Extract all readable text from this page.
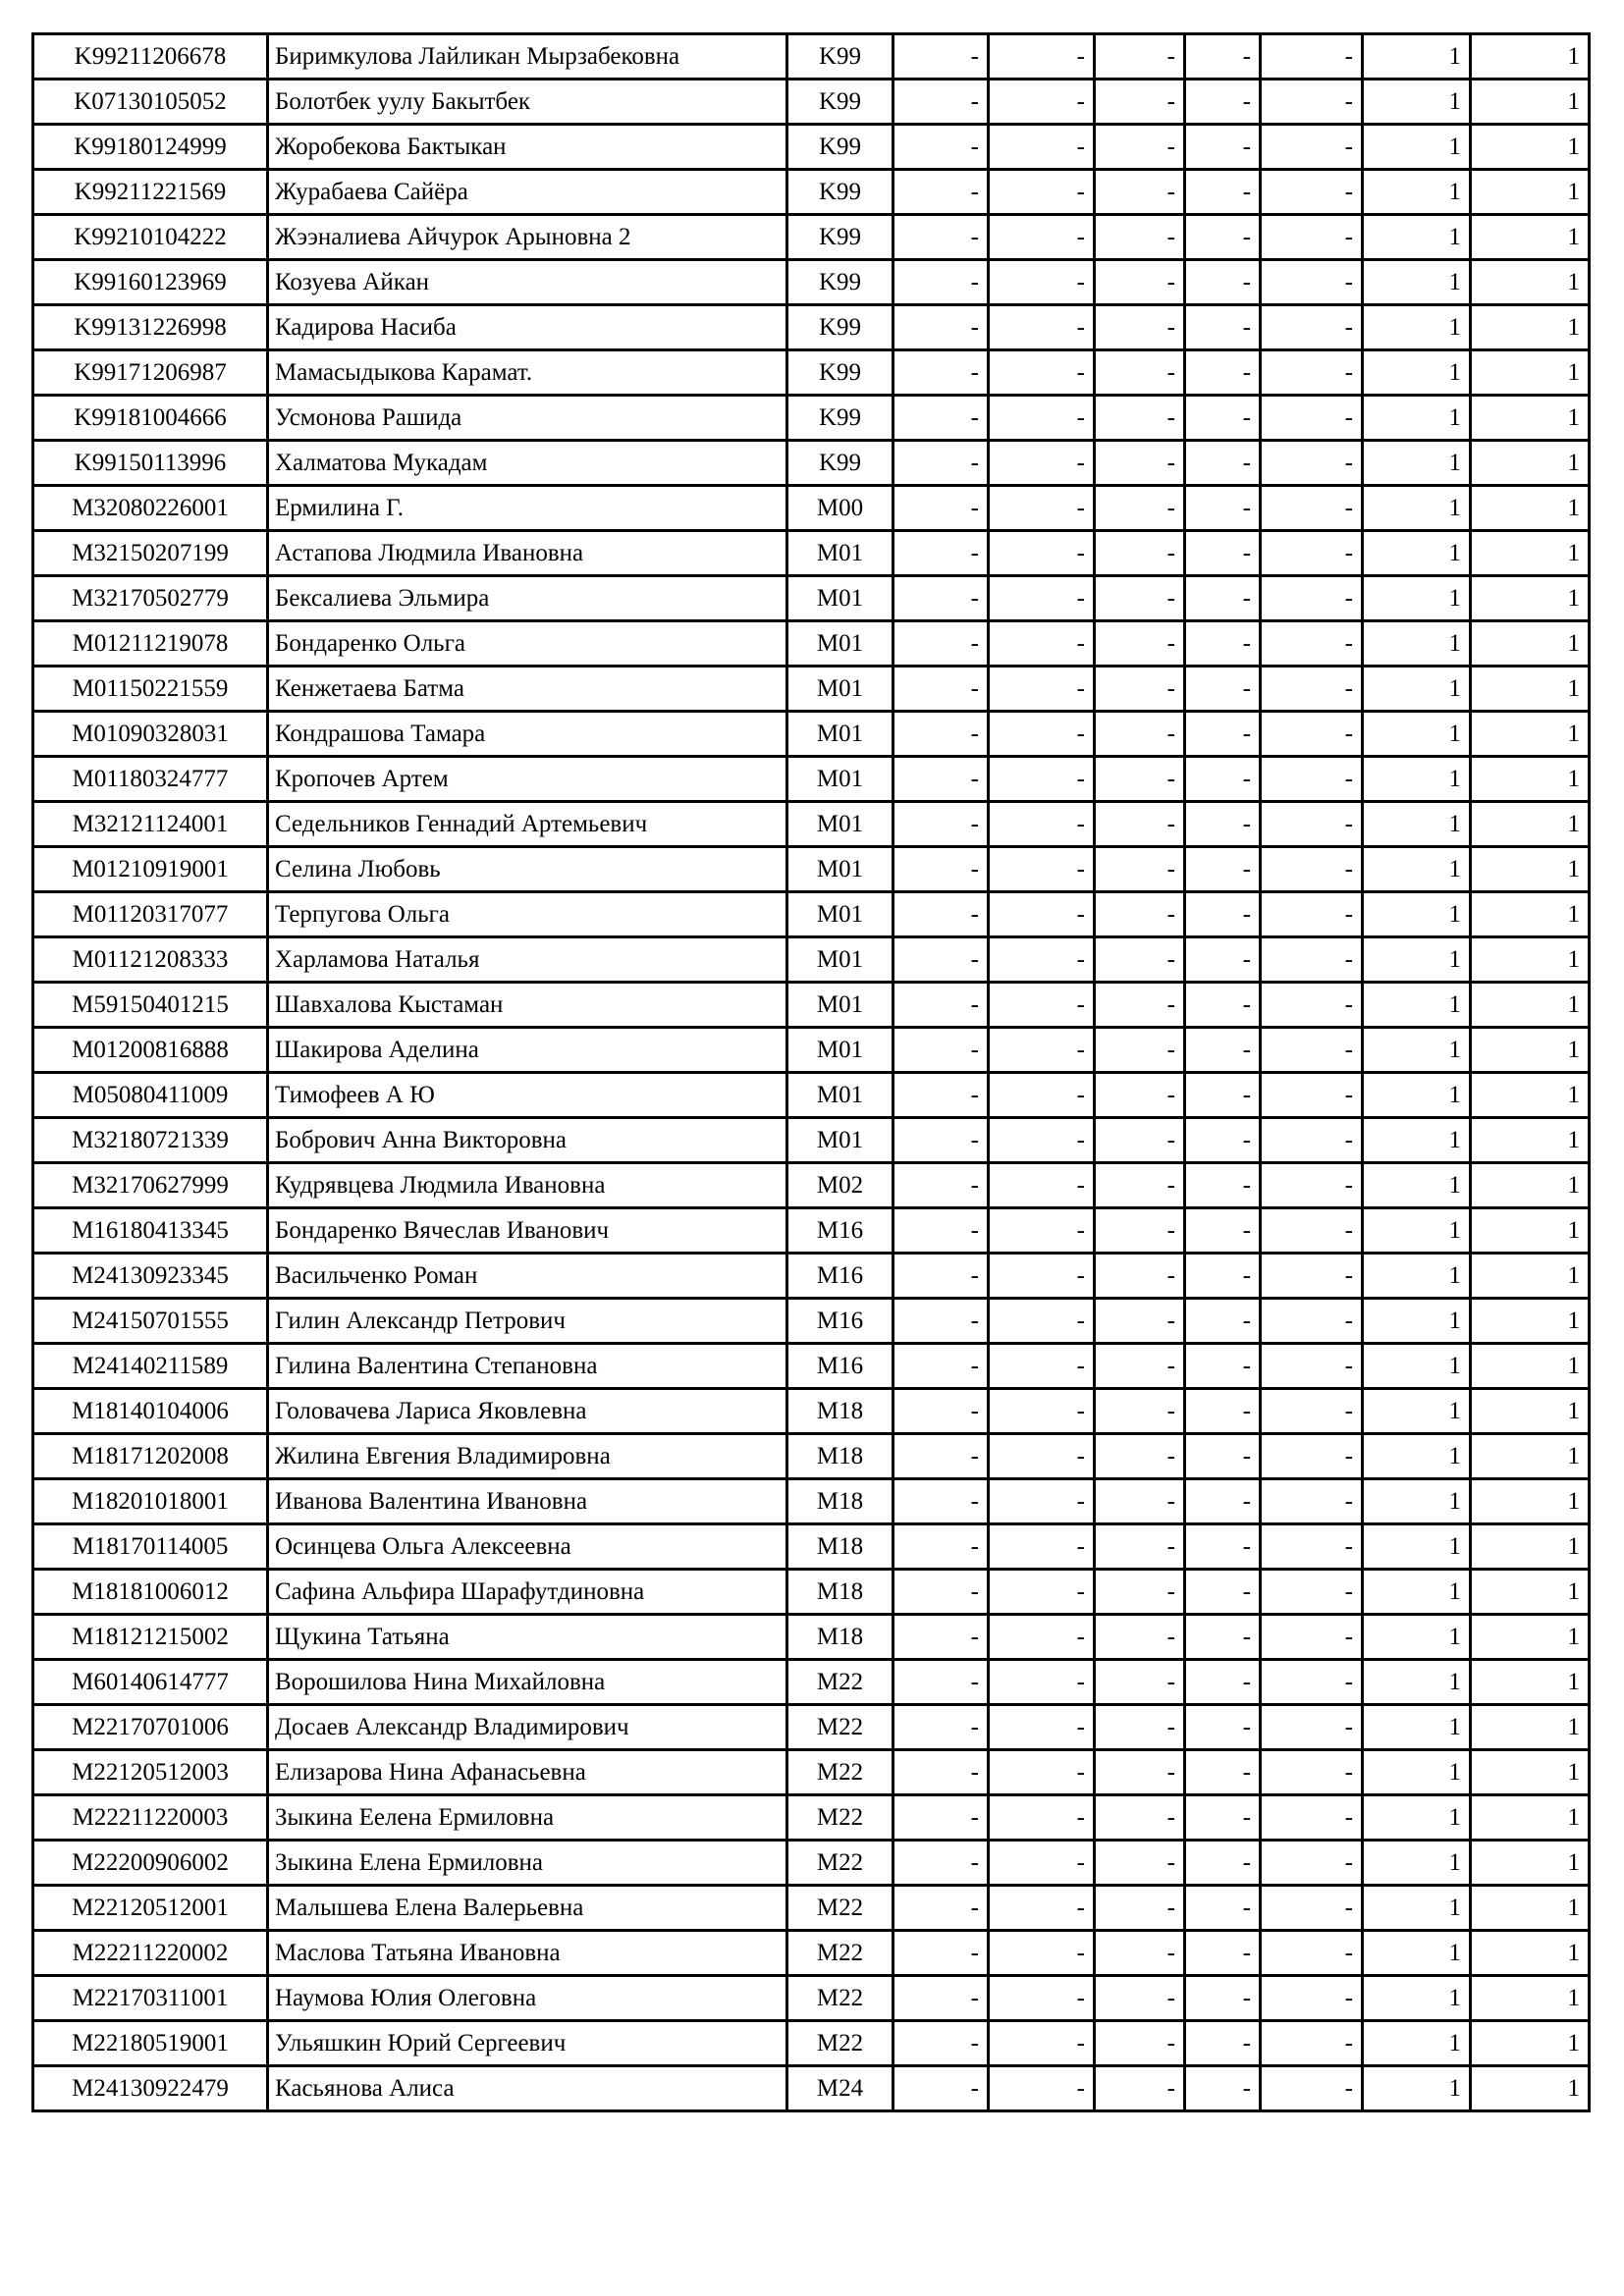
K99211206678	Биримкулова Лайликан Мырзабековна	K99	-	-	-	-	-	1	1
K07130105052	Болотбек уулу Бакытбек	K99	-	-	-	-	-	1	1
K99180124999	Жоробекова Бактыкан	K99	-	-	-	-	-	1	1
K99211221569	Журабаева Сайёра	K99	-	-	-	-	-	1	1
K99210104222	Жээналиева Айчурок Арыновна 2	K99	-	-	-	-	-	1	1
K99160123969	Козуева Айкан	K99	-	-	-	-	-	1	1
K99131226998	Кадирова Насиба	K99	-	-	-	-	-	1	1
K99171206987	Мамасыдыкова Карамат.	K99	-	-	-	-	-	1	1
K99181004666	Усмонова Рашида	K99	-	-	-	-	-	1	1
K99150113996	Халматова Мукадам	K99	-	-	-	-	-	1	1
M32080226001	Ермилина Г.	M00	-	-	-	-	-	1	1
M32150207199	Астапова Людмила Ивановна	M01	-	-	-	-	-	1	1
M32170502779	Бексалиева Эльмира	M01	-	-	-	-	-	1	1
M01211219078	Бондаренко Ольга	M01	-	-	-	-	-	1	1
M01150221559	Кенжетаева Батма	M01	-	-	-	-	-	1	1
M01090328031	Кондрашова Тамара	M01	-	-	-	-	-	1	1
M01180324777	Кропочев Артем	M01	-	-	-	-	-	1	1
M32121124001	Седельников Геннадий Артемьевич	M01	-	-	-	-	-	1	1
M01210919001	Селина Любовь	M01	-	-	-	-	-	1	1
M01120317077	Терпугова Ольга	M01	-	-	-	-	-	1	1
M01121208333	Харламова Наталья	M01	-	-	-	-	-	1	1
M59150401215	Шавхалова Кыстаман	M01	-	-	-	-	-	1	1
M01200816888	Шакирова Аделина	M01	-	-	-	-	-	1	1
M05080411009	Тимофеев А Ю	M01	-	-	-	-	-	1	1
M32180721339	Бобрович Анна Викторовна	M01	-	-	-	-	-	1	1
M32170627999	Кудрявцева Людмила Ивановна	M02	-	-	-	-	-	1	1
M16180413345	Бондаренко Вячеслав Иванович	M16	-	-	-	-	-	1	1
M24130923345	Васильченко Роман	M16	-	-	-	-	-	1	1
M24150701555	Гилин Александр Петрович	M16	-	-	-	-	-	1	1
M24140211589	Гилина Валентина Степановна	M16	-	-	-	-	-	1	1
M18140104006	Головачева Лариса Яковлевна	M18	-	-	-	-	-	1	1
M18171202008	Жилина Евгения Владимировна	M18	-	-	-	-	-	1	1
M18201018001	Иванова Валентина Ивановна	M18	-	-	-	-	-	1	1
M18170114005	Осинцева Ольга Алексеевна	M18	-	-	-	-	-	1	1
M18181006012	Сафина Альфира Шарафутдиновна	M18	-	-	-	-	-	1	1
M18121215002	Щукина Татьяна	M18	-	-	-	-	-	1	1
M60140614777	Ворошилова Нина Михайловна	M22	-	-	-	-	-	1	1
M22170701006	Досаев Александр Владимирович	M22	-	-	-	-	-	1	1
M22120512003	Елизарова Нина Афанасьевна	M22	-	-	-	-	-	1	1
M22211220003	Зыкина Еелена Ермиловна	M22	-	-	-	-	-	1	1
M22200906002	Зыкина Елена Ермиловна	M22	-	-	-	-	-	1	1
M22120512001	Малышева Елена Валерьевна	M22	-	-	-	-	-	1	1
M22211220002	Маслова Татьяна Ивановна	M22	-	-	-	-	-	1	1
M22170311001	Наумова Юлия Олеговна	M22	-	-	-	-	-	1	1
M22180519001	Ульяшкин Юрий Сергеевич	M22	-	-	-	-	-	1	1
M24130922479	Касьянова Алиса	M24	-	-	-	-	-	1	1
